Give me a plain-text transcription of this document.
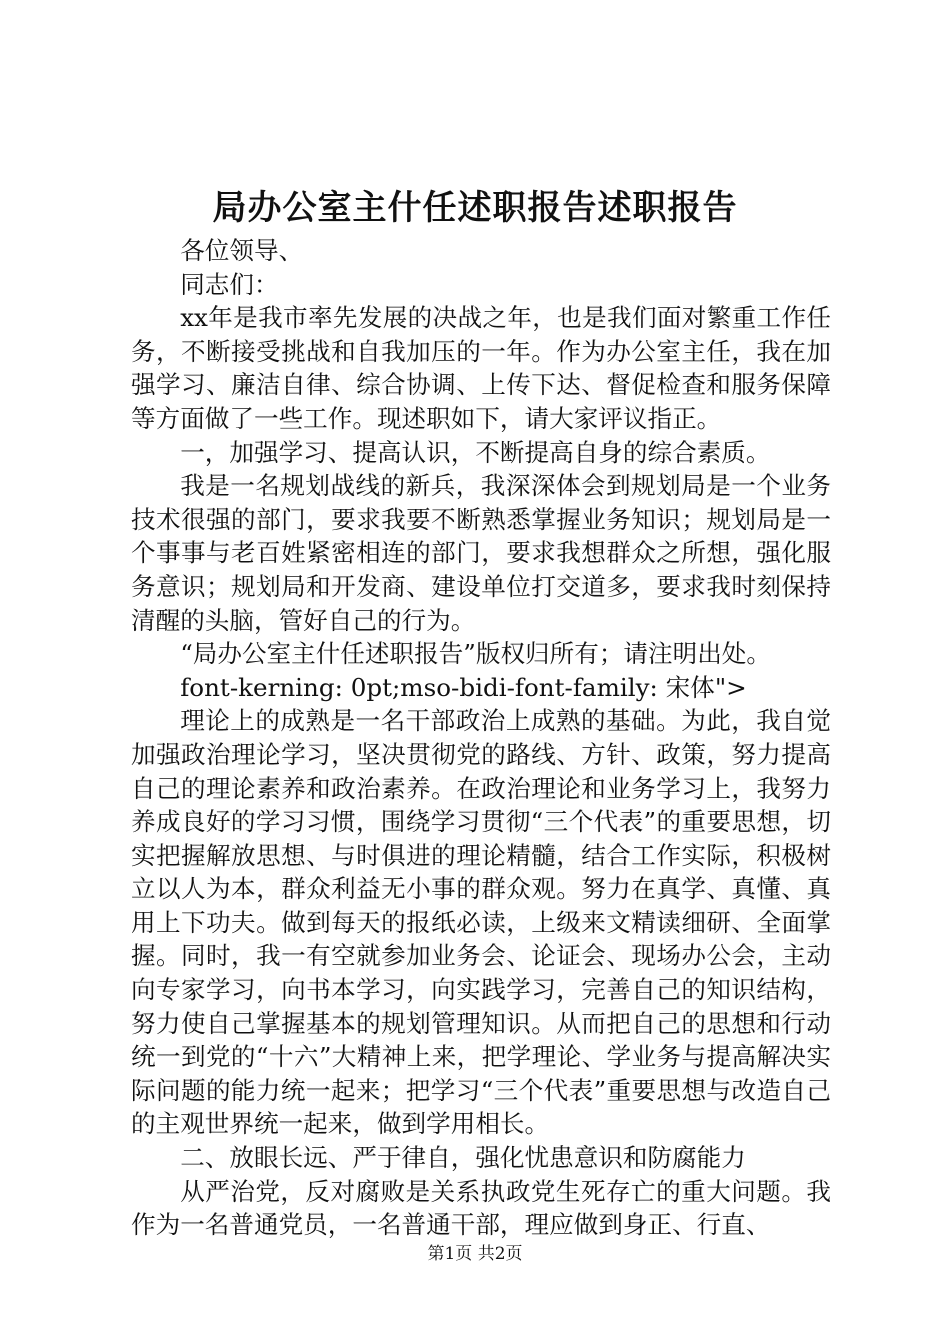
局办公室主什任述职报告述职报告

各位领导、

同志们：

xx年是我市率先发展的决战之年，也是我们面对繁重工作任务，不断接受挑战和自我加压的一年。作为办公室主任，我在加强学习、廉洁自律、综合协调、上传下达、督促检查和服务保障等方面做了一些工作。现述职如下，请大家评议指正。

一，加强学习、提高认识，不断提高自身的综合素质。

我是一名规划战线的新兵，我深深体会到规划局是一个业务技术很强的部门，要求我要不断熟悉掌握业务知识；规划局是一个事事与老百姓紧密相连的部门，要求我想群众之所想，强化服务意识；规划局和开发商、建设单位打交道多，要求我时刻保持清醒的头脑，管好自己的行为。

“局办公室主什任述职报告”版权归所有；请注明出处。

font-kerning: 0pt;mso-bidi-font-family: 宋体">

理论上的成熟是一名干部政治上成熟的基础。为此，我自觉加强政治理论学习，坚决贯彻党的路线、方针、政策，努力提高自己的理论素养和政治素养。在政治理论和业务学习上，我努力养成良好的学习习惯，围绕学习贯彻“三个代表”的重要思想，切实把握解放思想、与时俱进的理论精髓，结合工作实际，积极树立以人为本，群众利益无小事的群众观。努力在真学、真懂、真用上下功夫。做到每天的报纸必读，上级来文精读细研、全面掌握。同时，我一有空就参加业务会、论证会、现场办公会，主动向专家学习，向书本学习，向实践学习，完善自己的知识结构，努力使自己掌握基本的规划管理知识。从而把自己的思想和行动统一到党的“十六”大精神上来，把学理论、学业务与提高解决实际问题的能力统一起来；把学习“三个代表”重要思想与改造自己的主观世界统一起来，做到学用相长。

二、放眼长远、严于律自，强化忧患意识和防腐能力

从严治党，反对腐败是关系执政党生死存亡的重大问题。我作为一名普通党员，一名普通干部，理应做到身正、行直、

第1页 共2页
